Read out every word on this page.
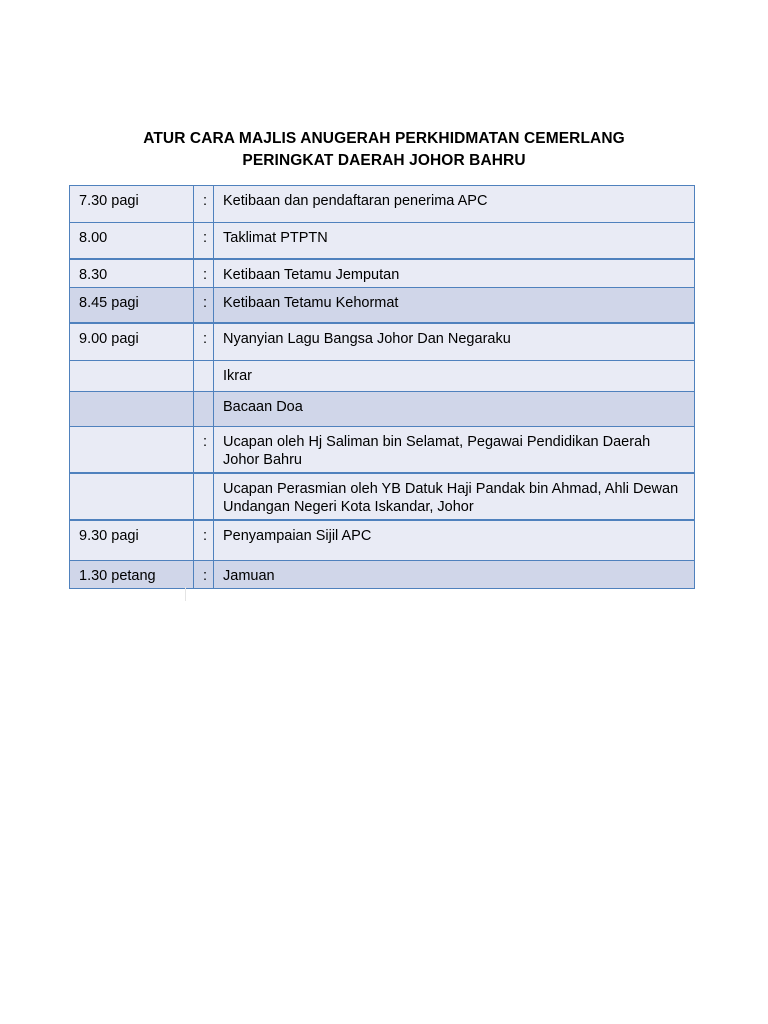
ATUR CARA MAJLIS ANUGERAH PERKHIDMATAN CEMERLANG
PERINGKAT DAERAH JOHOR BAHRU
7.30 pagi	:	Ketibaan dan pendaftaran penerima APC
8.00	:	Taklimat PTPTN
8.30	:	Ketibaan Tetamu Jemputan
8.45 pagi	:	Ketibaan Tetamu Kehormat
9.00 pagi	:	Nyanyian Lagu Bangsa Johor Dan Negaraku
		Ikrar
		Bacaan Doa
	:	Ucapan oleh Hj Saliman bin Selamat, Pegawai Pendidikan Daerah Johor Bahru
		Ucapan Perasmian oleh YB Datuk Haji Pandak bin Ahmad, Ahli Dewan Undangan Negeri Kota Iskandar, Johor
9.30 pagi	:	Penyampaian Sijil APC
1.30 petang	:	Jamuan
